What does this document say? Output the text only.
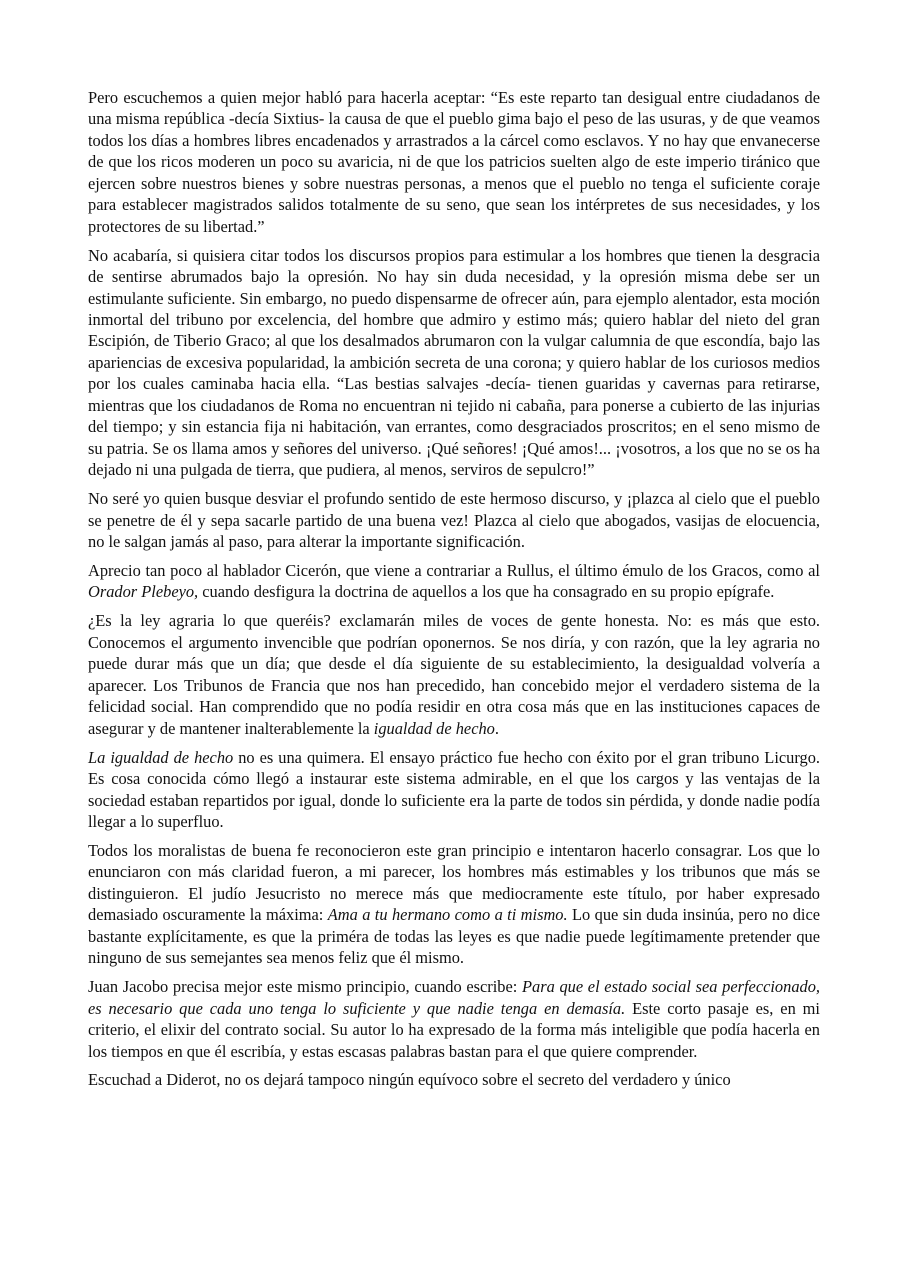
Pero escuchemos a quien mejor habló para hacerla aceptar: “Es este reparto tan desigual entre ciudadanos de una misma república -decía Sixtius- la causa de que el pueblo gima bajo el peso de las usuras, y de que veamos todos los días a hombres libres encadenados y arrastrados a la cárcel como esclavos. Y no hay que envanecerse de que los ricos moderen un poco su avaricia, ni de que los patricios suelten algo de este imperio tiránico que ejercen sobre nuestros bienes y sobre nuestras personas, a menos que el pueblo no tenga el suficiente coraje para establecer magistrados salidos totalmente de su seno, que sean los intérpretes de sus necesidades, y los protectores de su libertad.”

No acabaría, si quisiera citar todos los discursos propios para estimular a los hombres que tienen la desgracia de sentirse abrumados bajo la opresión. No hay sin duda necesidad, y la opresión misma debe ser un estimulante suficiente. Sin embargo, no puedo dispensarme de ofrecer aún, para ejemplo alentador, esta moción inmortal del tribuno por excelencia, del hombre que admiro y estimo más; quiero hablar del nieto del gran Escipión, de Tiberio Graco; al que los desalmados abrumaron con la vulgar calumnia de que escondía, bajo las apariencias de excesiva popularidad, la ambición secreta de una corona; y quiero hablar de los curiosos medios por los cuales caminaba hacia ella. “Las bestias salvajes -decía- tienen guaridas y cavernas para retirarse, mientras que los ciudadanos de Roma no encuentran ni tejido ni cabaña, para ponerse a cubierto de las injurias del tiempo; y sin estancia fija ni habitación, van errantes, como desgraciados proscritos; en el seno mismo de su patria. Se os llama amos y señores del universo. ¡Qué señores! ¡Qué amos!... ¡vosotros, a los que no se os ha dejado ni una pulgada de tierra, que pudiera, al menos, serviros de sepulcro!”

No seré yo quien busque desviar el profundo sentido de este hermoso discurso, y ¡plazca al cielo que el pueblo se penetre de él y sepa sacarle partido de una buena vez! Plazca al cielo que abogados, vasijas de elocuencia, no le salgan jamás al paso, para alterar la importante significación.

Aprecio tan poco al hablador Cicerón, que viene a contrariar a Rullus, el último émulo de los Gracos, como al Orador Plebeyo, cuando desfigura la doctrina de aquellos a los que ha consagrado en su propio epígrafe.

¿Es la ley agraria lo que queréis? exclamarán miles de voces de gente honesta. No: es más que esto. Conocemos el argumento invencible que podrían oponernos. Se nos diría, y con razón, que la ley agraria no puede durar más que un día; que desde el día siguiente de su establecimiento, la desigualdad volvería a aparecer. Los Tribunos de Francia que nos han precedido, han concebido mejor el verdadero sistema de la felicidad social. Han comprendido que no podía residir en otra cosa más que en las instituciones capaces de asegurar y de mantener inalterablemente la igualdad de hecho.

La igualdad de hecho no es una quimera. El ensayo práctico fue hecho con éxito por el gran tribuno Licurgo. Es cosa conocida cómo llegó a instaurar este sistema admirable, en el que los cargos y las ventajas de la sociedad estaban repartidos por igual, donde lo suficiente era la parte de todos sin pérdida, y donde nadie podía llegar a lo superfluo.

Todos los moralistas de buena fe reconocieron este gran principio e intentaron hacerlo consagrar. Los que lo enunciaron con más claridad fueron, a mi parecer, los hombres más estimables y los tribunos que más se distinguieron. El judío Jesucristo no merece más que mediocramente este título, por haber expresado demasiado oscuramente la máxima: Ama a tu hermano como a ti mismo. Lo que sin duda insinúa, pero no dice bastante explícitamente, es que la priméra de todas las leyes es que nadie puede legítimamente pretender que ninguno de sus semejantes sea menos feliz que él mismo.

Juan Jacobo precisa mejor este mismo principio, cuando escribe: Para que el estado social sea perfeccionado, es necesario que cada uno tenga lo suficiente y que nadie tenga en demasía. Este corto pasaje es, en mi criterio, el elixir del contrato social. Su autor lo ha expresado de la forma más inteligible que podía hacerla en los tiempos en que él escribía, y estas escasas palabras bastan para el que quiere comprender.

Escuchad a Diderot, no os dejará tampoco ningún equívoco sobre el secreto del verdadero y único
